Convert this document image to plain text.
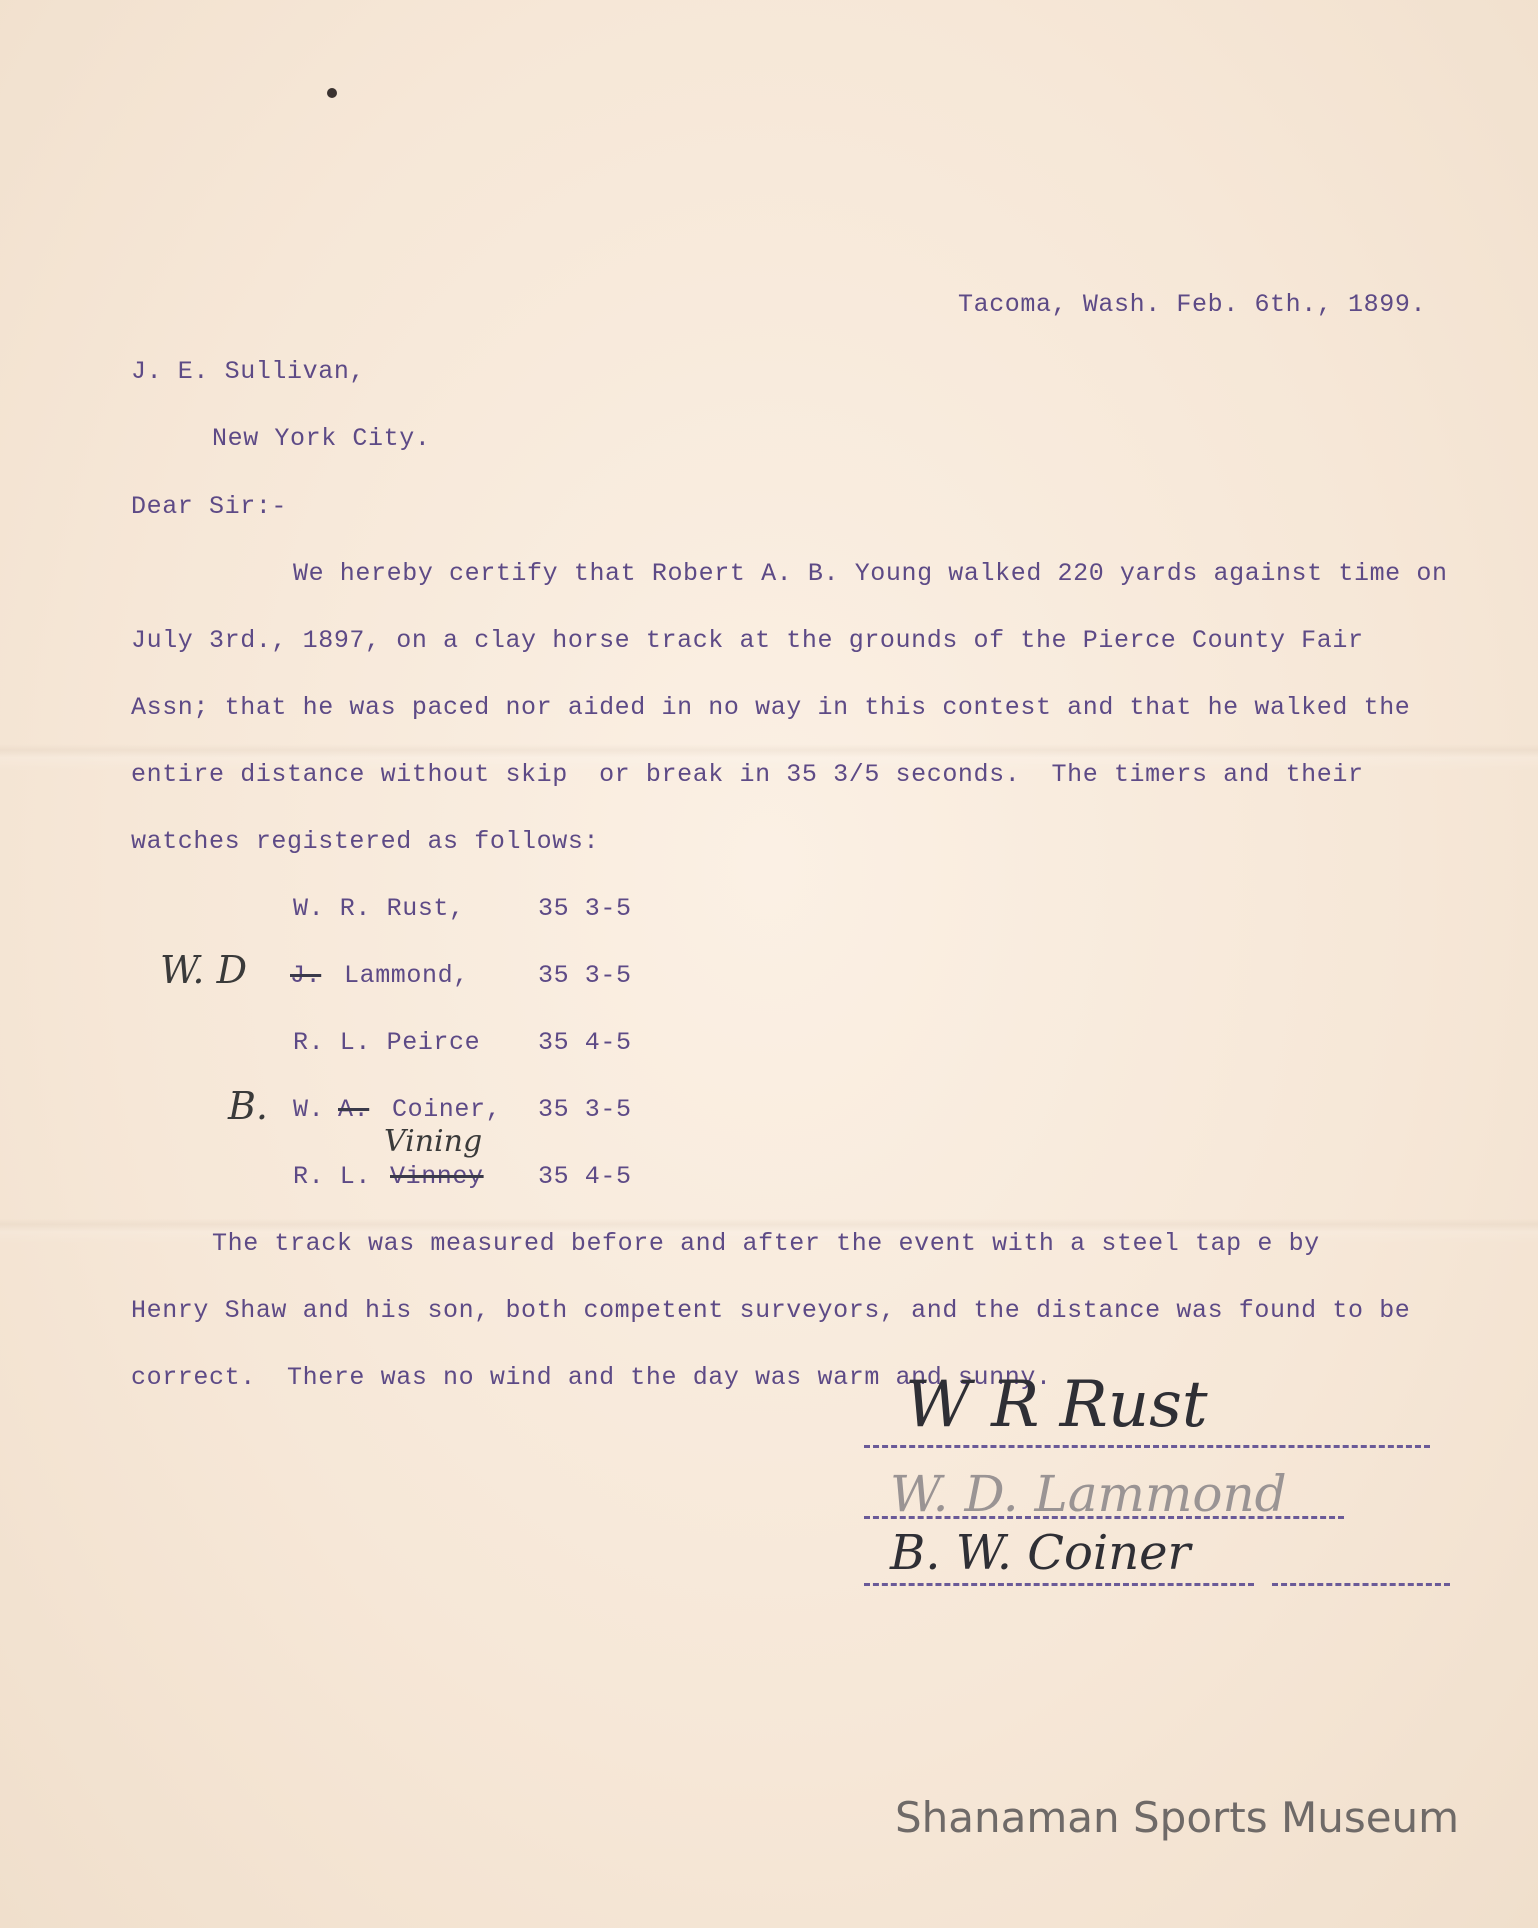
Tacoma, Wash. Feb. 6th., 1899.
J. E. Sullivan,
New York City.
Dear Sir:-
We hereby certify that Robert A. B. Young walked 220 yards against time on
July 3rd., 1897, on a clay horse track at the grounds of the Pierce County Fair
Assn; that he was paced nor aided in no way in this contest and that he walked the
entire distance without skip  or break in 35 3/5 seconds.  The timers and their
watches registered as follows:
W. R. Rust,	35 3-5
W. D J. Lammond,	35 3-5
R. L. Peirce 35 4-5
B. W. A. Coiner, 35 3-5
R. L. Vinney
Vining
35 4-5
The track was measured before and after the event with a steel tap e by
Henry Shaw and his son, both competent surveyors, and the distance was found to be
correct.  There was no wind and the day was warm and sunny.
W R Rust
W. D. Lammond
B. W. Coiner
Shanaman Sports Museum
